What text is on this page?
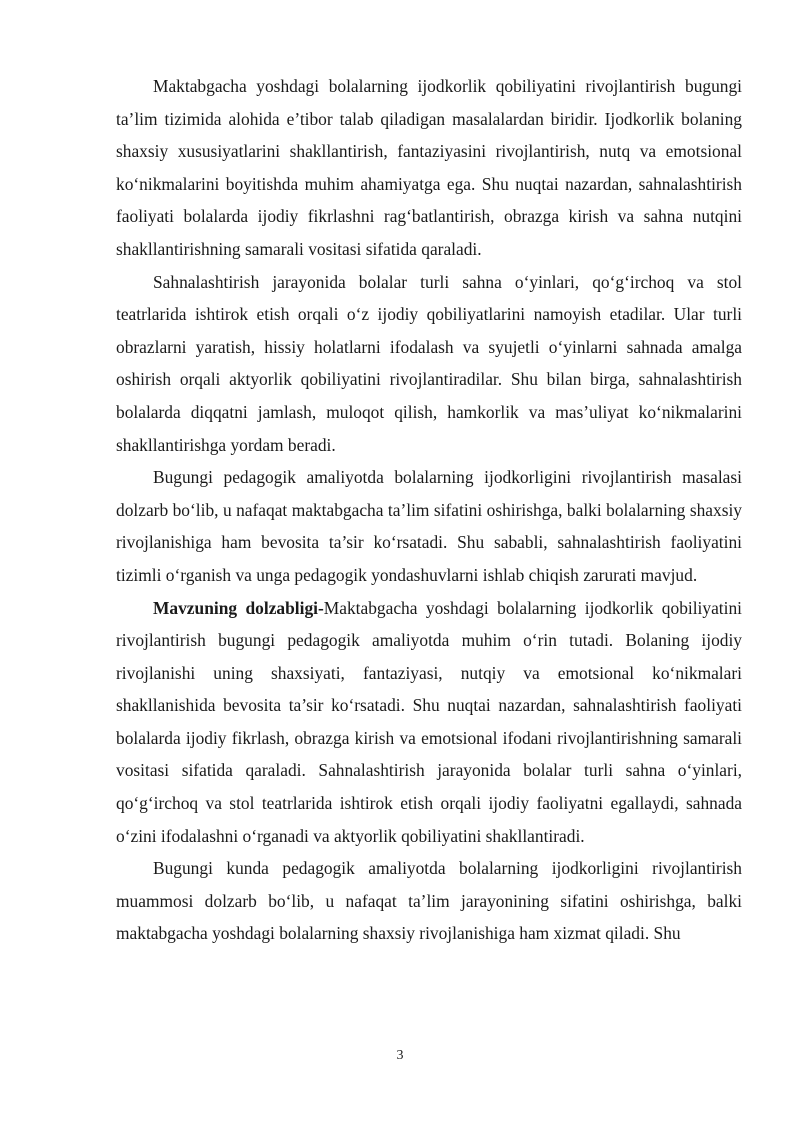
Maktabgacha yoshdagi bolalarning ijodkorlik qobiliyatini rivojlantirish bugungi ta’lim tizimida alohida e’tibor talab qiladigan masalalardan biridir. Ijodkorlik bolaning shaxsiy xususiyatlarini shakllantirish, fantaziyasini rivojlantirish, nutq va emotsional ko‘nikmalarini boyitishda muhim ahamiyatga ega. Shu nuqtai nazardan, sahnalashtirish faoliyati bolalarda ijodiy fikrlashni rag‘batlantirish, obrazga kirish va sahna nutqini shakllantirishning samarali vositasi sifatida qaraladi.

Sahnalashtirish jarayonida bolalar turli sahna o‘yinlari, qo‘g‘irchoq va stol teatrlarida ishtirok etish orqali o‘z ijodiy qobiliyatlarini namoyish etadilar. Ular turli obrazlarni yaratish, hissiy holatlarni ifodalash va syujetli o‘yinlarni sahnada amalga oshirish orqali aktyorlik qobiliyatini rivojlantiradilar. Shu bilan birga, sahnalashtirish bolalarda diqqatni jamlash, muloqot qilish, hamkorlik va mas’uliyat ko‘nikmalarini shakllantirishga yordam beradi.

Bugungi pedagogik amaliyotda bolalarning ijodkorligini rivojlantirish masalasi dolzarb bo‘lib, u nafaqat maktabgacha ta’lim sifatini oshirishga, balki bolalarning shaxsiy rivojlanishiga ham bevosita ta’sir ko‘rsatadi. Shu sababli, sahnalashtirish faoliyatini tizimli o‘rganish va unga pedagogik yondashuvlarni ishlab chiqish zarurati mavjud.

Mavzuning dolzabligi-Maktabgacha yoshdagi bolalarning ijodkorlik qobiliyatini rivojlantirish bugungi pedagogik amaliyotda muhim o‘rin tutadi. Bolaning ijodiy rivojlanishi uning shaxsiyati, fantaziyasi, nutqiy va emotsional ko‘nikmalari shakllanishida bevosita ta’sir ko‘rsatadi. Shu nuqtai nazardan, sahnalashtirish faoliyati bolalarda ijodiy fikrlash, obrazga kirish va emotsional ifodani rivojlantirishning samarali vositasi sifatida qaraladi. Sahnalashtirish jarayonida bolalar turli sahna o‘yinlari, qo‘g‘irchoq va stol teatrlarida ishtirok etish orqali ijodiy faoliyatni egallaydi, sahnada o‘zini ifodalashni o‘rganadi va aktyorlik qobiliyatini shakllantiradi.

Bugungi kunda pedagogik amaliyotda bolalarning ijodkorligini rivojlantirish muammosi dolzarb bo‘lib, u nafaqat ta’lim jarayonining sifatini oshirishga, balki maktabgacha yoshdagi bolalarning shaxsiy rivojlanishiga ham xizmat qiladi. Shu

3
